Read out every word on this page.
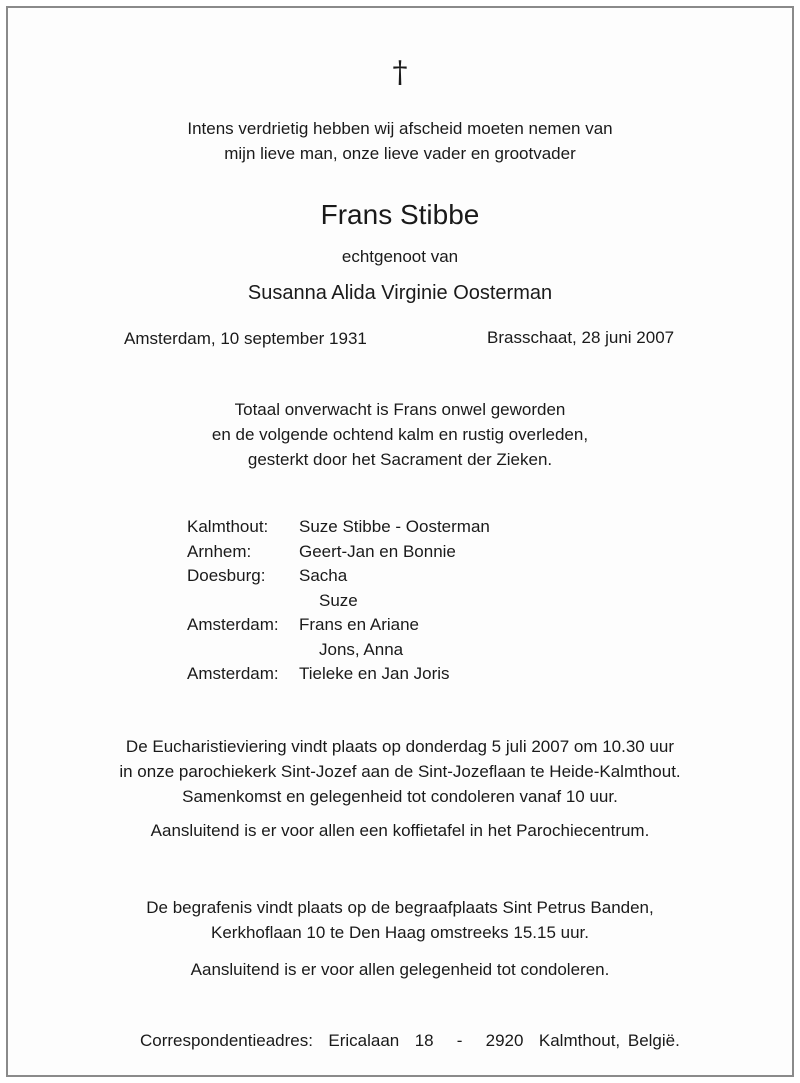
†
Intens verdrietig hebben wij afscheid moeten nemen van
mijn lieve man, onze lieve vader en grootvader
Frans Stibbe
echtgenoot van
Susanna Alida Virginie Oosterman
Amsterdam, 10 september 1931	Brasschaat, 28 juni 2007
Totaal onverwacht is Frans onwel geworden
en de volgende ochtend kalm en rustig overleden,
gesterkt door het Sacrament der Zieken.
Kalmthout:	Suze Stibbe - Oosterman
Arnhem:	Geert-Jan en Bonnie
Doesburg:	Sacha
Suze
Amsterdam:	Frans en Ariane
Jons, Anna
Amsterdam:	Tieleke en Jan Joris
De Eucharistieviering vindt plaats op donderdag 5 juli 2007 om 10.30 uur
in onze parochiekerk Sint-Jozef aan de Sint-Jozeflaan te Heide-Kalmthout.
Samenkomst en gelegenheid tot condoleren vanaf 10 uur.
Aansluitend is er voor allen een koffietafel in het Parochiecentrum.
De begrafenis vindt plaats op de begraafplaats Sint Petrus Banden,
Kerkhoflaan 10 te Den Haag omstreeks 15.15 uur.
Aansluitend is er voor allen gelegenheid tot condoleren.
Correspondentieadres:  Ericalaan  18   -   2920  Kalmthout, België.
